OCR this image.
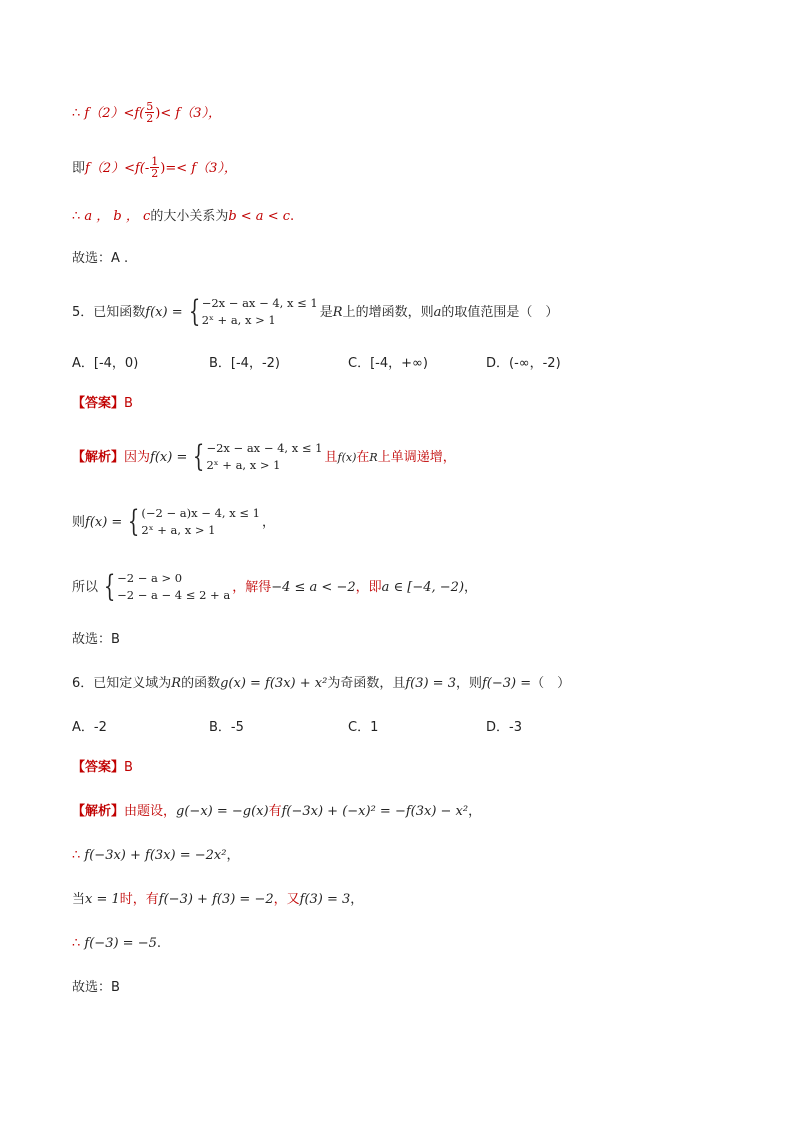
∴
$f(2)< f( \frac{5}{2}$ ) < f（3），
即 $f(2)< f(- \frac{1}{2}$ ) =< f（3），
∴
a ， b ， c 的大小关系为 b < a < c .
故选：A .
5．已知函数 f(x) = { −2x − ax − 4, x ≤ 1
2ˣ + a, x > 1
是 R 上的增函数，则 a 的取值范围是（　）
A．[-4，0)	B．[-4，-2)	C．[-4，+∞)	D．(-∞，-2)
【答案】 B
【解析】 因为 f(x) = { −2x − ax − 4, x ≤ 1
2ˣ + a, x > 1
且 f(x) 在 R 上单调递增，
则 f(x) = { (−2 − a)x − 4, x ≤ 1
2ˣ + a, x > 1
，
所以 { −2 − a > 0
−2 − a − 4 ≤ 2 + a
，解得 −4 ≤ a < −2 ，即 a ∈ [−4, −2) ，
故选：B
6．已知定义域为 R 的函数 g(x) = f(3x) + x² 为奇函数，且 f(3) = 3 ，则 f(−3) = （　）
A．-2	B．-5	C．1	D．-3
【答案】 B
【解析】 由题设， g(−x) = −g(x) 有 f(−3x) + (−x)² = −f(3x) − x² ，
∴
f(−3x) + f(3x) = −2x² ，
当 x = 1 时，有 f(−3) + f(3) = −2 ，又 f(3) = 3 ，
∴
f(−3) = −5 .
故选：B
